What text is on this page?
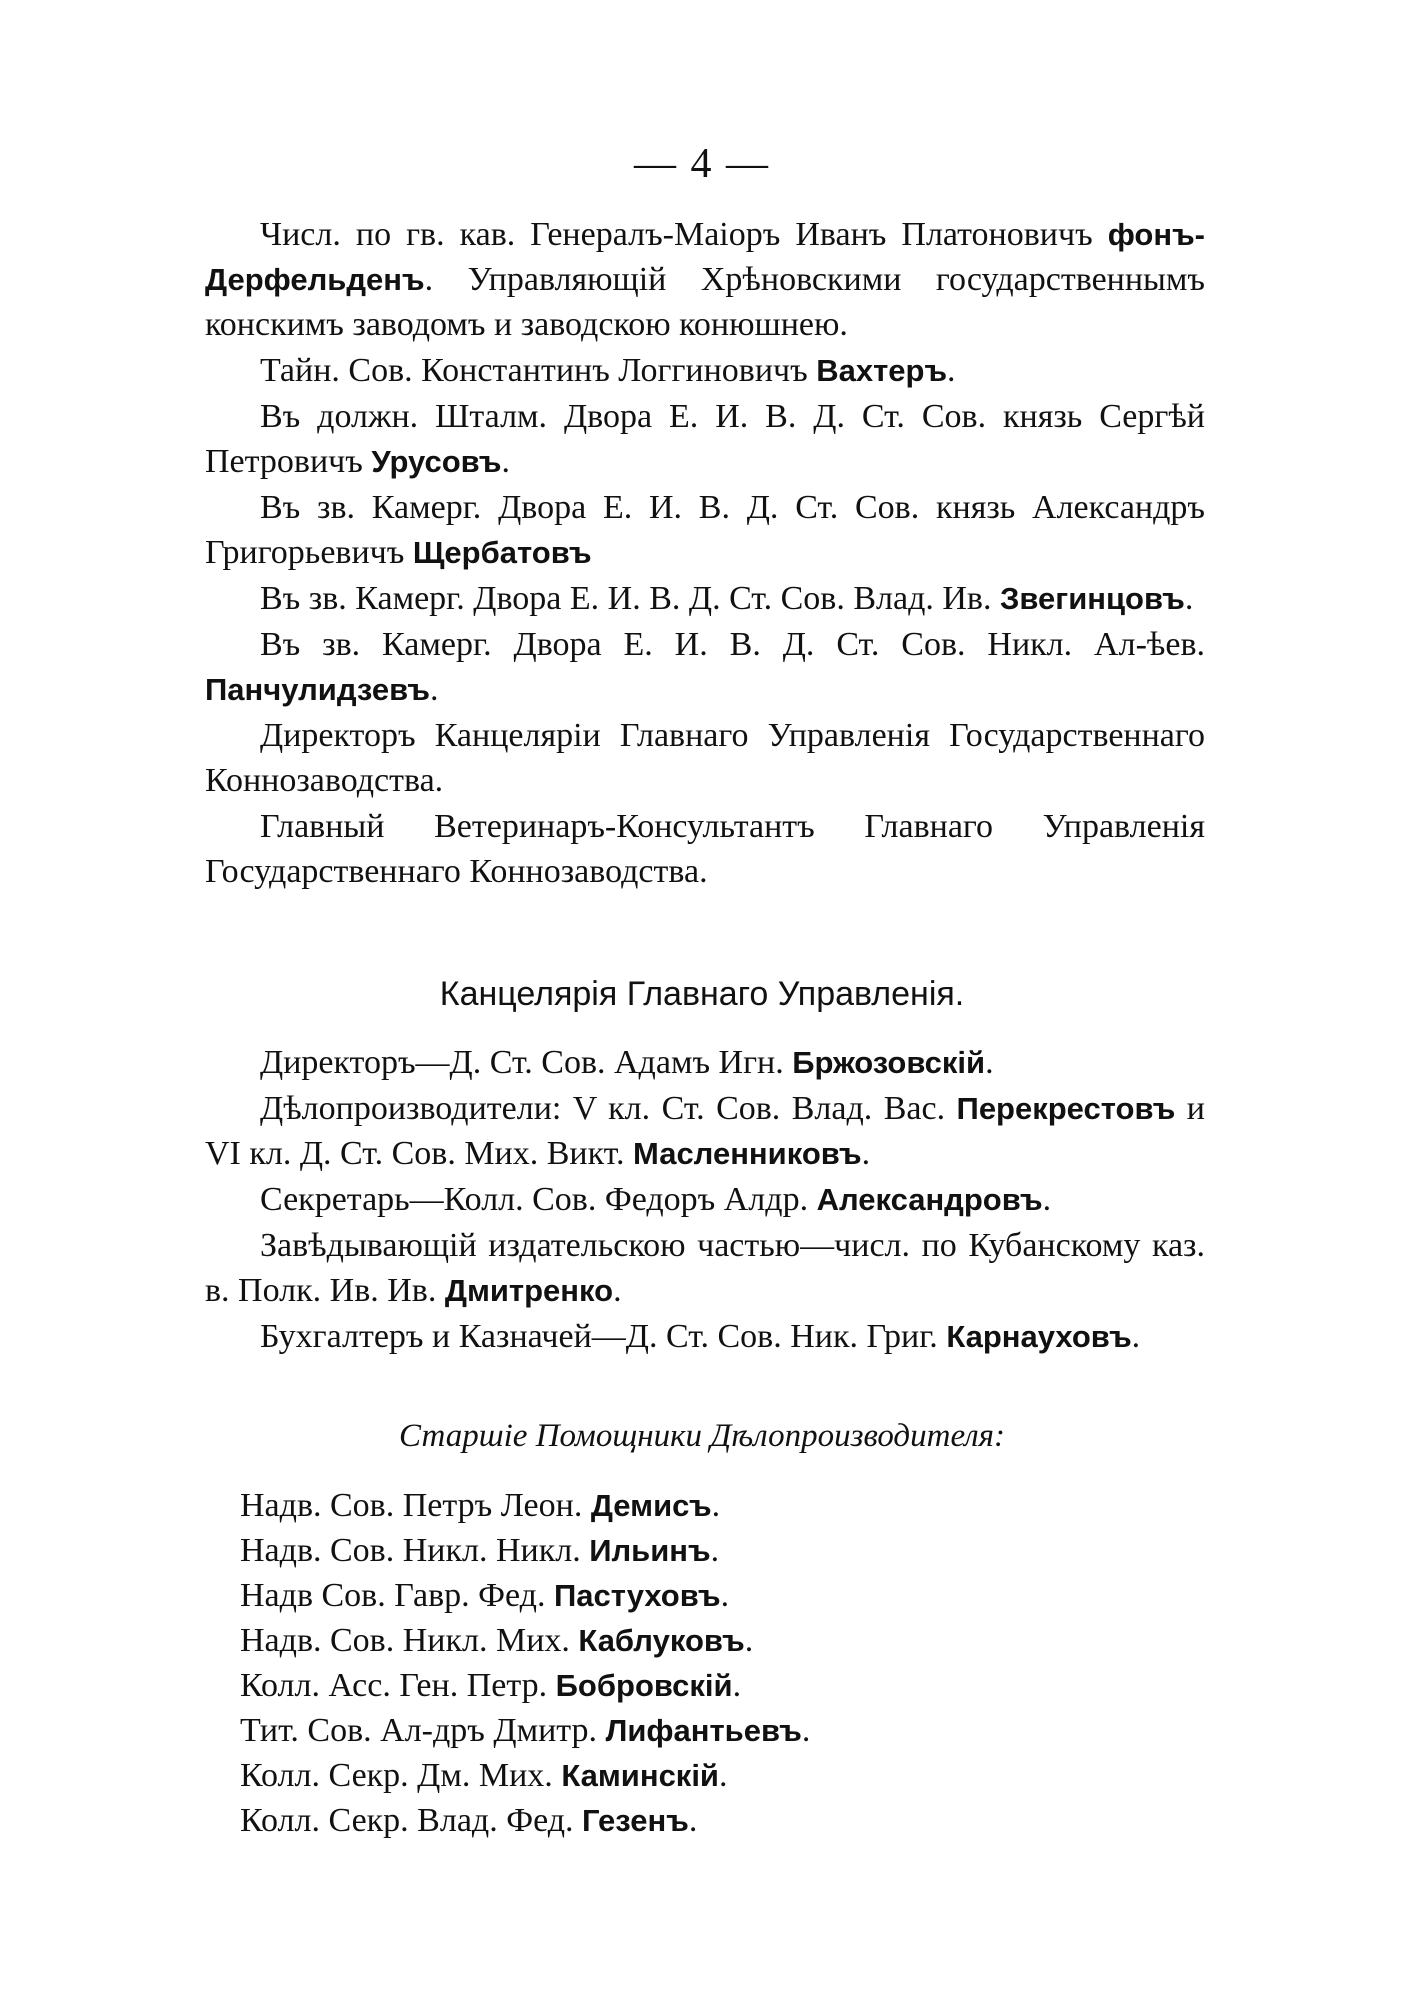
— 4 —

Числ. по гв. кав. Генералъ-Маіоръ Иванъ Платоновичъ фонъ-Дерфельденъ. Управляющій Хрѣновскими государственнымъ конскимъ заводомъ и заводскою конюшнею.

Тайн. Сов. Константинъ Логгиновичъ Вахтеръ.

Въ должн. Шталм. Двора Е. И. В. Д. Ст. Сов. князь Сергѣй Петровичъ Урусовъ.

Въ зв. Камерг. Двора Е. И. В. Д. Ст. Сов. князь Александръ Григорьевичъ Щербатовъ

Въ зв. Камерг. Двора Е. И. В. Д. Ст. Сов. Влад. Ив. Звегинцовъ.

Въ зв. Камерг. Двора Е. И. В. Д. Ст. Сов. Никл. Ал-ѣев. Панчулидзевъ.

Директоръ Канцеляріи Главнаго Управленія Государственнаго Коннозаводства.

Главный Ветеринаръ-Консультантъ Главнаго Управленія Государственнаго Коннозаводства.

Канцелярія Главнаго Управленія.

Директоръ—Д. Ст. Сов. Адамъ Игн. Бржозовскій.

Дѣлопроизводители: V кл. Ст. Сов. Влад. Вас. Перекрестовъ и VI кл. Д. Ст. Сов. Мих. Викт. Масленниковъ.

Секретарь—Колл. Сов. Федоръ Алдр. Александровъ.

Завѣдывающій издательскою частью—числ. по Кубанскому каз. в. Полк. Ив. Ив. Дмитренко.

Бухгалтеръ и Казначей—Д. Ст. Сов. Ник. Григ. Карнауховъ.

Старшіе Помощники Дѣлопроизводителя:

Надв. Сов. Петръ Леон. Демисъ.

Надв. Сов. Никл. Никл. Ильинъ.

Надв Сов. Гавр. Фед. Пастуховъ.

Надв. Сов. Никл. Мих. Каблуковъ.

Колл. Асс. Ген. Петр. Бобровскій.

Тит. Сов. Ал-дръ Дмитр. Лифантьевъ.

Колл. Секр. Дм. Мих. Каминскій.

Колл. Секр. Влад. Фед. Гезенъ.
